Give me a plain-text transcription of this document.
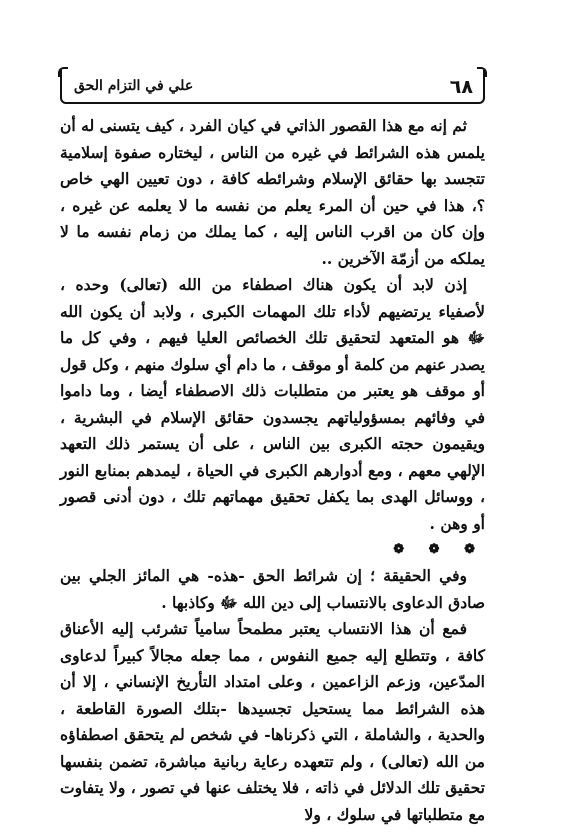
٦٨
علي في التزام الحق

ثم إنه مع هذا القصور الذاتي في كيان الفرد ، كيف يتسنى له أن يلمس هذه الشرائط في غيره من الناس ، ليختاره صفوة إسلامية تتجسد بها حقائق الإسلام وشرائطه كافة ، دون تعيين الهي خاص ؟، هذا في حين أن المرء يعلم من نفسه ما لا يعلمه عن غيره ، وإن كان من اقرب الناس إليه ، كما يملك من زمام نفسه ما لا يملكه من أزمّة الآخرين ..

إذن لابد أن يكون هناك اصطفاء من الله (تعالى) وحده ، لأصفياء يرتضيهم لأداء تلك المهمات الكبرى ، ولابد أن يكون الله ﷻ هو المتعهد لتحقيق تلك الخصائص العليا فيهم ، وفي كل ما يصدر عنهم من كلمة أو موقف ، ما دام أي سلوك منهم ، وكل قول أو موقف هو يعتبر من متطلبات ذلك الاصطفاء أيضا ، وما داموا في وفائهم بمسؤولياتهم يجسدون حقائق الإسلام في البشرية ، ويقيمون حجته الكبرى بين الناس ، على أن يستمر ذلك التعهد الإلهي معهم ، ومع أدوارهم الكبرى في الحياة ، ليمدهم بمنابع النور ، ووسائل الهدى بما يكفل تحقيق مهماتهم تلك ، دون أدنى قصور أو وهن .

❁ ❁ ❁

وفي الحقيقة ؛ إن شرائط الحق -هذه- هي المائز الجلي بين صادق الدعاوى بالانتساب إلى دين الله ﷻ وكاذبها .

فمع أن هذا الانتساب يعتبر مطمحاً سامياً تشرئب إليه الأعناق كافة ، وتتطلع إليه جميع النفوس ، مما جعله مجالاً كبيراً لدعاوى المدّعين، وزعم الزاعمين ، وعلى امتداد التأريخ الإنساني ، إلا أن هذه الشرائط مما يستحيل تجسيدها -بتلك الصورة القاطعة ، والحدية ، والشاملة ، التي ذكرناها- في شخص لم يتحقق اصطفاؤه من الله (تعالى) ، ولم تتعهده رعاية ربانية مباشرة، تضمن بنفسها تحقيق تلك الدلائل في ذاته ، فلا يختلف عنها في تصور ، ولا يتفاوت مع متطلباتها في سلوك ، ولا
